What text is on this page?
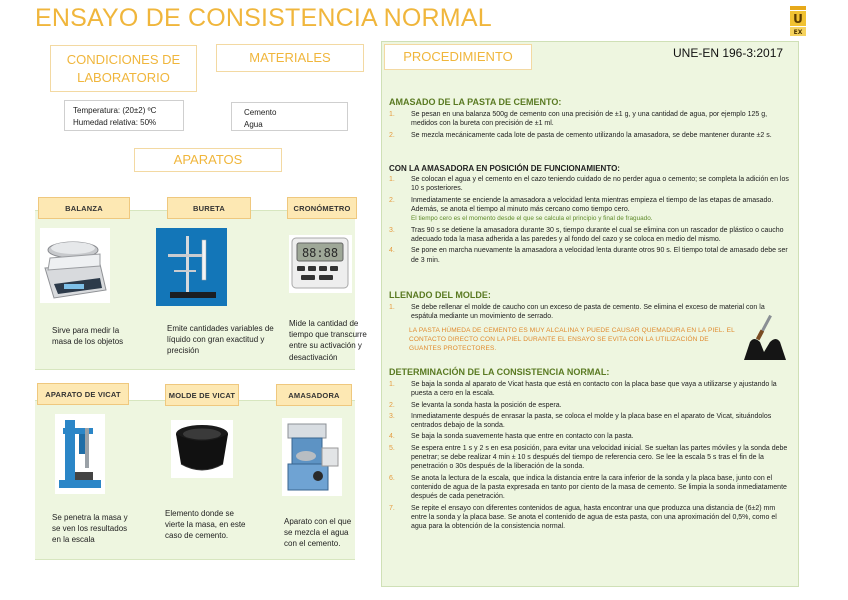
ENSAYO DE CONSISTENCIA NORMAL	U
EX
CONDICIONES DE LABORATORIO
MATERIALES	PROCEDIMIENTO
APARATOS
Temperatura: (20±2) ºC
Humedad relativa: 50%
Cemento
Agua
BALANZA	BURETA	CRONÓMETRO
88:88
Sirve para medir la masa de los objetos
Emite cantidades variables de líquido con gran exactitud y precisión
Mide la cantidad de tiempo que transcurre entre su activación y desactivación
APARATO DE VICAT	MOLDE DE VICAT	AMASADORA
Se penetra la masa y se ven los resultados en la escala
Elemento donde se vierte la masa, en este caso de cemento.
Aparato con el que se mezcla el agua con el cemento.
UNE-EN 196-3:2017
AMASADO DE LA PASTA DE CEMENTO:
1.	Se pesan en una balanza 500g de cemento con una precisión de ±1 g, y una cantidad de agua, por ejemplo 125 g, medidos con la bureta con precisión de ±1 ml.
2.	Se mezcla mecánicamente cada lote de pasta de cemento utilizando la amasadora, se debe mantener durante ±2 s.
CON LA AMASADORA EN POSICIÓN DE FUNCIONAMIENTO:
1.	Se colocan el agua y el cemento en el cazo teniendo cuidado de no perder agua o cemento; se completa la adición en los 10 s posteriores.
2.	Inmediatamente se enciende la amasadora a velocidad lenta mientras empieza el tiempo de las etapas de amasado. Además, se anota el tiempo al minuto más cercano como tiempo cero.
El tiempo cero es el momento desde el que se calcula el principio y final de fraguado.
3.	Tras 90 s se detiene la amasadora durante 30 s, tiempo durante el cual se elimina con un rascador de plástico o caucho adecuado toda la masa adherida a las paredes y al fondo del cazo y se coloca en medio del mismo.
4.	Se pone en marcha nuevamente la amasadora a velocidad lenta durante otros 90 s. El tiempo total de amasado debe ser de 3 min.
LLENADO DEL MOLDE:
1.	Se debe rellenar el molde de caucho con un exceso de pasta de cemento. Se elimina el exceso de material con la espátula mediante un movimiento de serrado.
LA PASTA HÚMEDA DE CEMENTO ES MUY ALCALINA Y PUEDE CAUSAR QUEMADURA EN LA PIEL. EL CONTACTO DIRECTO CON LA PIEL DURANTE EL ENSAYO SE EVITA CON LA UTILIZACIÓN DE GUANTES PROTECTORES.
DETERMINACIÓN DE LA CONSISTENCIA NORMAL:
1.	Se baja la sonda al aparato de Vicat hasta que está en contacto con la placa base que vaya a utilizarse y ajustando la puesta a cero en la escala.
2.	Se levanta la sonda hasta la posición de espera.
3.	Inmediatamente después de enrasar la pasta, se coloca el molde y la placa base en el aparato de Vicat, situándolos centrados debajo de la sonda.
4.	Se baja la sonda suavemente hasta que entre en contacto con la pasta.
5.	Se espera entre 1 s y 2 s en esa posición, para evitar una velocidad inicial. Se sueltan las partes móviles y la sonda debe penetrar; se debe realizar 4 min ± 10 s después del tiempo de referencia cero. Se lee la escala 5 s tras el fin de la penetración o 30s después de la liberación de la sonda.
6.	Se anota la lectura de la escala, que indica la distancia entre la cara inferior de la sonda y la placa base, junto con el contenido de agua de la pasta expresada en tanto por ciento de la masa de cemento. Se limpia la sonda inmediatamente después de cada penetración.
7.	Se repite el ensayo con diferentes contenidos de agua, hasta encontrar una que produzca una distancia de (6±2) mm entre la sonda y la placa base. Se anota el contenido de agua de esta pasta, con una aproximación del 0,5%, como el agua para la obtención de la consistencia normal.
